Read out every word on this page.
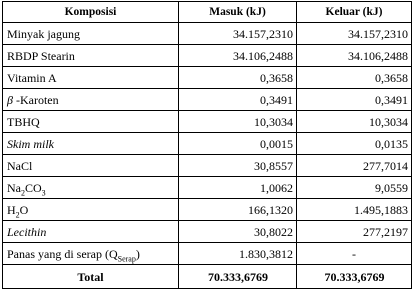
Komposisi	Masuk (kJ)	Keluar (kJ)
Minyak jagung	34.157,2310	34.157,2310
RBDP Stearin	34.106,2488	34.106,2488
Vitamin A	0,3658	0,3658
β -Karoten	0,3491	0,3491
TBHQ	10,3034	10,3034
Skim milk	0,0015	0,0135
NaCl	30,8557	277,7014
$Na_2CO_3$	1,0062	9,0559
$H_2O$	166,1320	1.495,1883
Lecithin	30,8022	277,2197
Panas yang di serap $(Q_{Serap})$	1.830,3812	-
Total	70.333,6769	70.333,6769
